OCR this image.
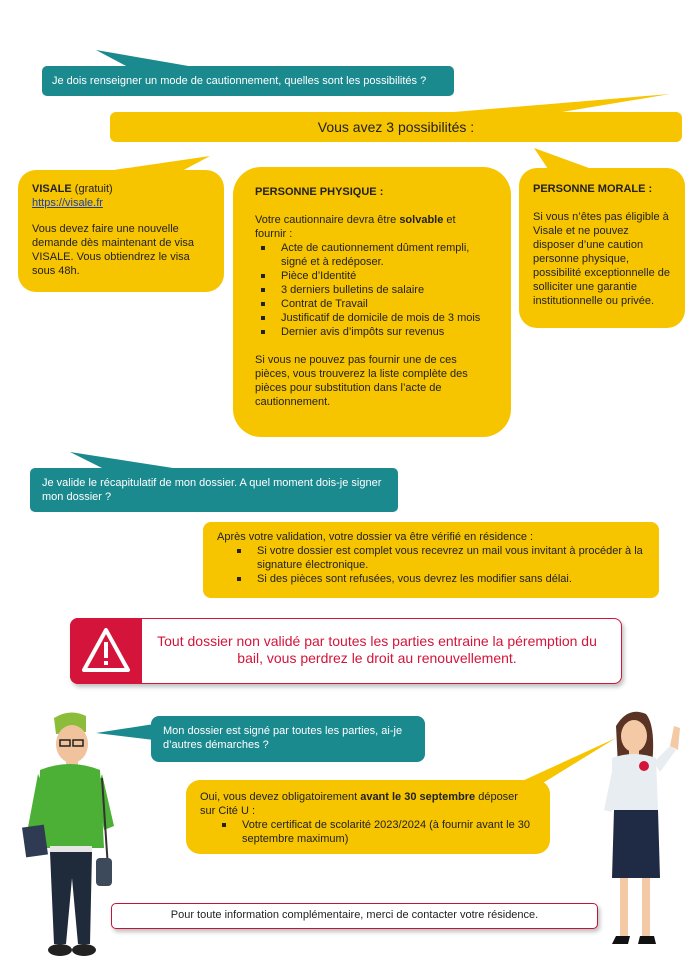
Je dois renseigner un mode de cautionnement, quelles sont les possibilités ?
Vous avez 3 possibilités :
VISALE (gratuit)
https://visale.fr
Vous devez faire une nouvelle demande dès maintenant de visa VISALE. Vous obtiendrez le visa sous 48h.
PERSONNE PHYSIQUE :
Votre cautionnaire devra être solvable et fournir :
Acte de cautionnement dûment rempli, signé et à redéposer.
Pièce d’Identité
3 derniers bulletins de salaire
Contrat de Travail
Justificatif de domicile de mois de 3 mois
Dernier avis d’impôts sur revenus
Si vous ne pouvez pas fournir une de ces pièces, vous trouverez la liste complète des pièces pour substitution dans l’acte de cautionnement.
PERSONNE MORALE :
Si vous n’êtes pas éligible à Visale et ne pouvez disposer d’une caution personne physique, possibilité exceptionnelle de solliciter une garantie institutionnelle ou privée.
Je valide le récapitulatif de mon dossier. A quel moment dois-je signer mon dossier ?
Après votre validation, votre dossier va être vérifié en résidence :
Si votre dossier est complet vous recevrez un mail vous invitant à procéder à la signature électronique.
Si des pièces sont refusées, vous devrez les modifier sans délai.
Tout dossier non validé par toutes les parties entraine la péremption du bail, vous perdrez le droit au renouvellement.
Mon dossier est signé par toutes les parties, ai-je d’autres démarches ?
Oui, vous devez obligatoirement avant le 30 septembre déposer sur Cité U :
Votre certificat de scolarité 2023/2024 (à fournir avant le 30 septembre maximum)
Pour toute information complémentaire, merci de contacter votre résidence.
